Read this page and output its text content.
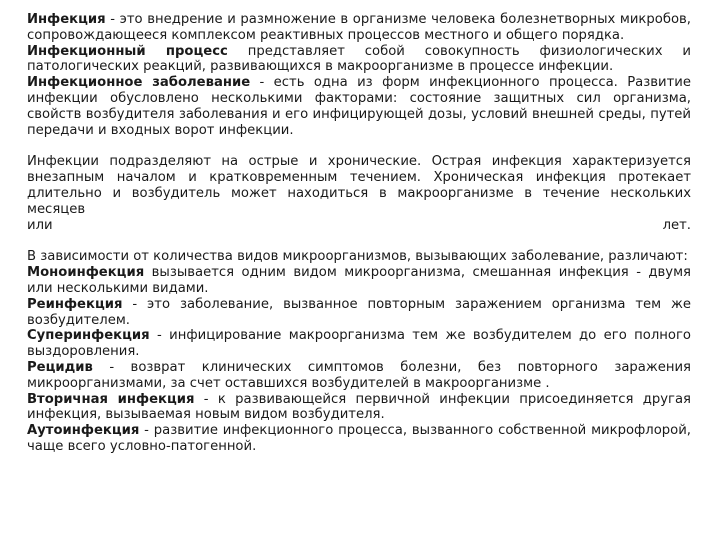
Инфекция - это внедрение и размножение в организме человека болезнетворных микробов, сопровождающееся комплексом реактивных процессов местного и общего порядка.

Инфекционный процесс представляет собой совокупность физиологических и патологических реакций, развивающихся в макроорганизме в процессе инфекции.

Инфекционное заболевание - есть одна из форм инфекционного процесса. Развитие инфекции обусловлено несколькими факторами: состояние защитных сил организма, свойств возбудителя заболевания и его инфицирующей дозы, условий внешней среды, путей передачи и входных ворот инфекции.

Инфекции подразделяют на острые и хронические. Острая инфекция характеризуется внезапным началом и кратковременным течением. Хроническая инфекция протекает длительно и возбудитель может находиться в макроорганизме в течение нескольких месяцев

или	лет.

В зависимости от количества видов микроорганизмов, вызывающих заболевание, различают:

Моноинфекция вызывается одним видом микроорганизма, смешанная инфекция - двумя или несколькими видами.

Реинфекция - это заболевание, вызванное повторным заражением организма тем же возбудителем.

Суперинфекция - инфицирование макроорганизма тем же возбудителем до его полного выздоровления.

Рецидив - возврат клинических симптомов болезни, без повторного заражения микроорганизмами, за счет оставшихся возбудителей в макроорганизме .

Вторичная инфекция - к развивающейся первичной инфекции присоединяется другая инфекция, вызываемая новым видом возбудителя.

Аутоинфекция - развитие инфекционного процесса, вызванного собственной микрофлорой, чаще всего условно-патогенной.
